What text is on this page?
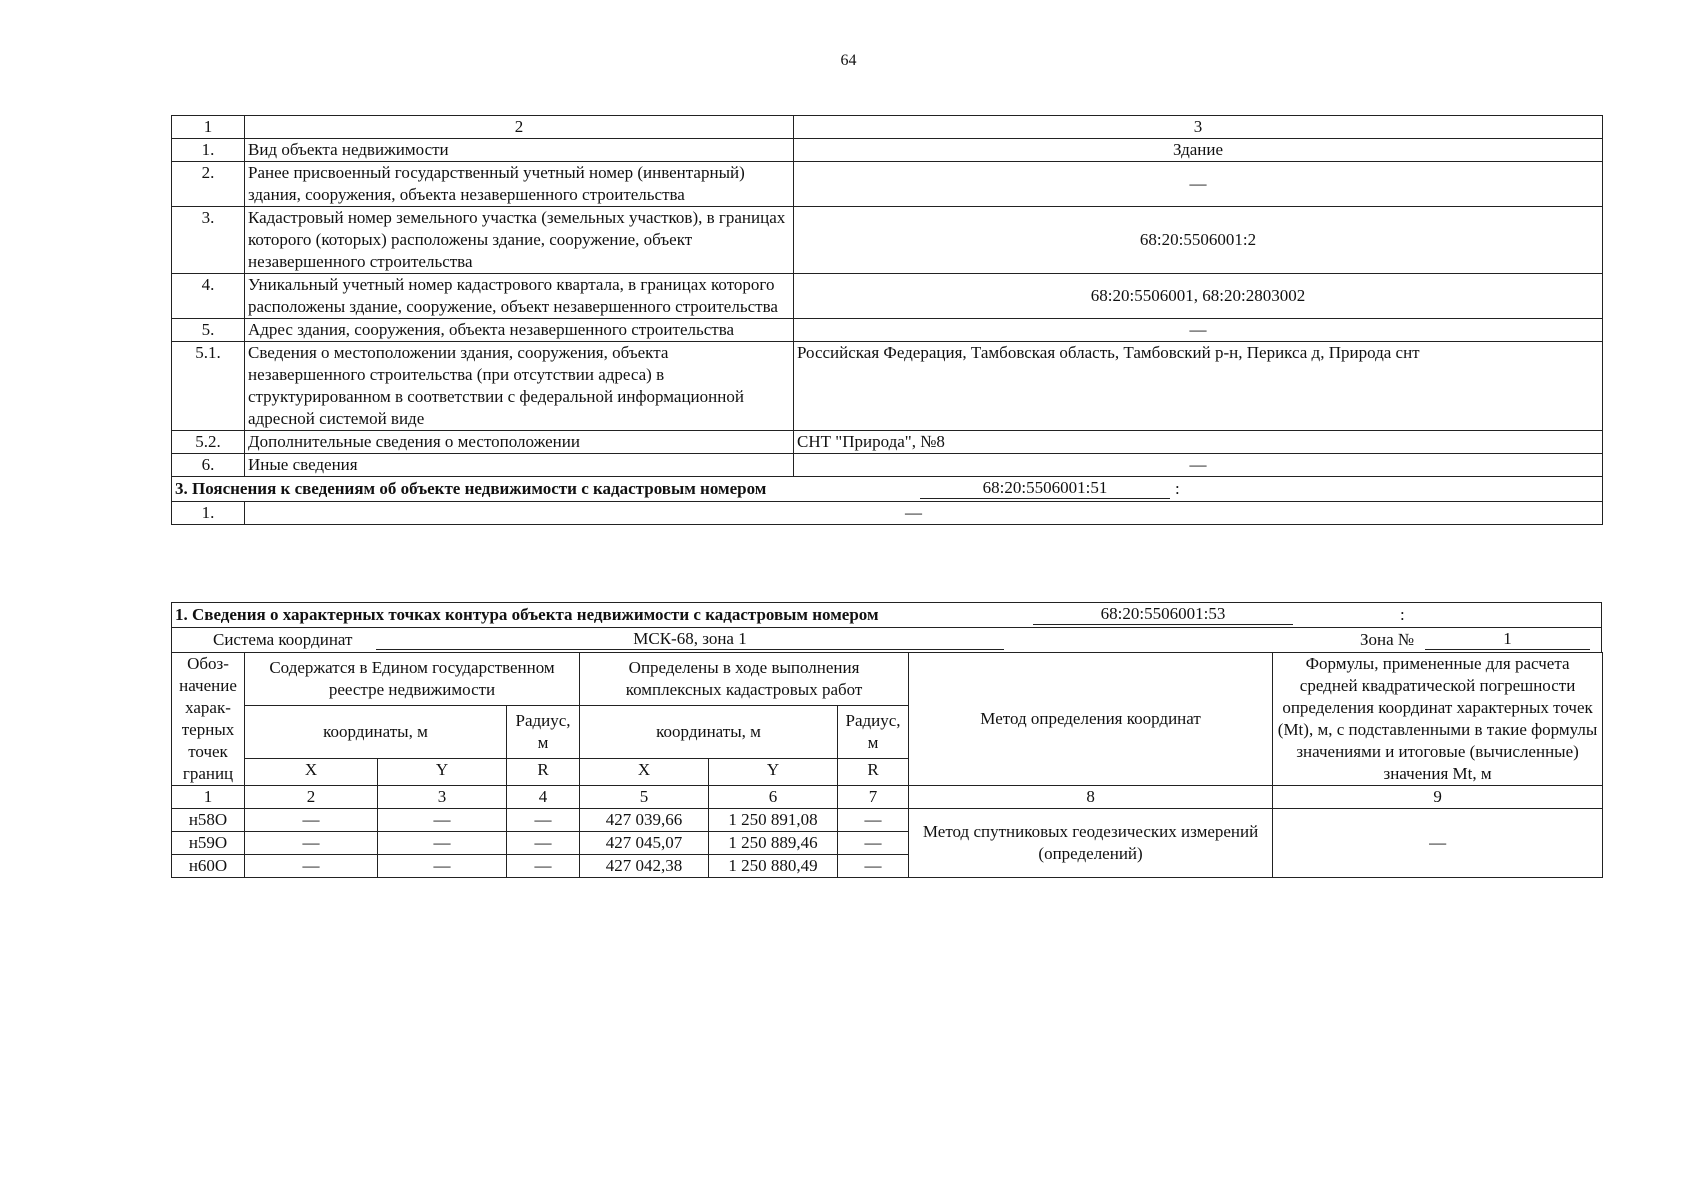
64
1	2	3
1.	Вид объекта недвижимости	Здание
2.	Ранее присвоенный государственный учетный номер (инвентарный) здания, сооружения, объекта незавершенного строительства	—
3.	Кадастровый номер земельного участка (земельных участков), в границах которого (которых) расположены здание, сооружение, объект незавершенного строительства	68:20:5506001:2
4.	Уникальный учетный номер кадастрового квартала, в границах которого расположены здание, сооружение, объект незавершенного строительства	68:20:5506001, 68:20:2803002
5.	Адрес здания, сооружения, объекта незавершенного строительства	—
5.1.	Сведения о местоположении здания, сооружения, объекта незавершенного строительства (при отсутствии адреса) в структурированном в соответствии с федеральной информационной адресной системой виде	Российская Федерация, Тамбовская область, Тамбовский р-н, Перикса д, Природа снт
5.2.	Дополнительные сведения о местоположении	СНТ "Природа", №8
6.	Иные сведения	—

3. Пояснения к сведениям об объекте недвижимости с кадастровым номером 68:20:5506001:51 :		

1.	—	
1. Сведения о характерных точках контура объекта недвижимости с кадастровым номером	68:20:5506001:53	:

Система координат	МСК-68, зона 1	Зона №	1
Обоз-начение харак-терных точек границ	Содержатся в Едином государственном реестре недвижимости			Определены в ходе выполнения комплексных кадастровых работ			Метод определения координат	Формулы, примененные для расчета средней квадратической погрешности определения координат характерных точек (Mt), м, с подставленными в такие формулы значениями и итоговые (вычисленные) значения Mt, м
	координаты, м		Радиус, м	координаты, м		Радиус, м		
	X	Y	R	X	Y	R		
1	2	3	4	5	6	7	8	9
н58О	—	—	—	427 039,66	1 250 891,08	—	Метод спутниковых геодезических измерений (определений)	—
н59О	—	—	—	427 045,07	1 250 889,46	—		
н60О	—	—	—	427 042,38	1 250 880,49	—		
